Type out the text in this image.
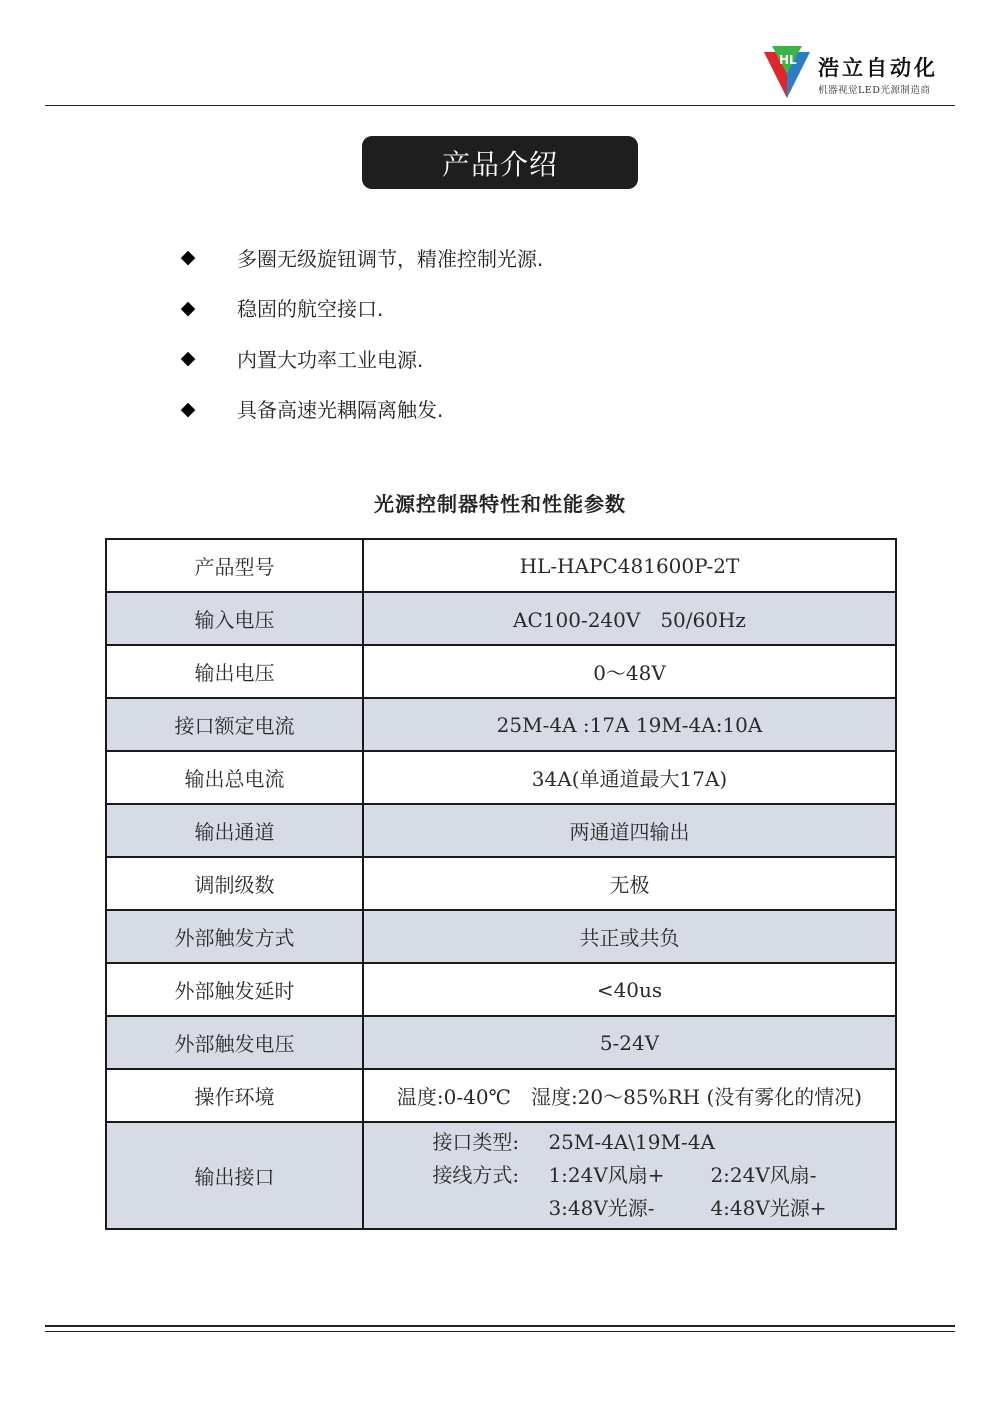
HL 浩立自动化
机器视觉LED光源制造商
产品介绍
◆ 多圈无级旋钮调节，精准控制光源.
◆ 稳固的航空接口.
◆ 内置大功率工业电源.
◆ 具备高速光耦隔离触发.
光源控制器特性和性能参数
产品型号	HL-HAPC481600P-2T
输入电压	AC100-240V　50/60Hz
输出电压	0～48V
接口额定电流	25M-4A :17A 19M-4A:10A
输出总电流	34A(单通道最大17A)
输出通道	两通道四输出
调制级数	无极
外部触发方式	共正或共负
外部触发延时	<40us
外部触发电压	5-24V
操作环境	温度:0-40℃　湿度:20～85%RH (没有雾化的情况)
输出接口	接口类型: 25M-4A\19M-4A
接线方式: 1:24V风扇+ 2:24V风扇-
3:48V光源- 4:48V光源+
